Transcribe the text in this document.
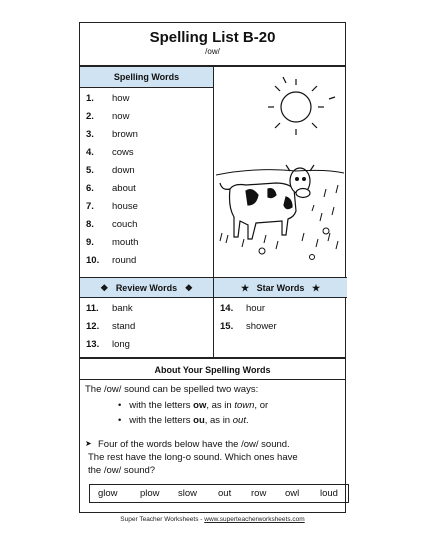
Spelling List B-20
/ow/
Spelling Words
❖ Review Words ❖	★ Star Words ★
1. how
2. now
3. brown
4. cows
5. down
6. about
7. house
8. couch
9. mouth
10. round
11. bank
12. stand
13. long
14. hour
15. shower
About Your Spelling Words
The /ow/ sound can be spelled two ways:
•   with the letters ow, as in town, or
•   with the letters ou, as in out.
➤ Four of the words below have the /ow/ sound.
The rest have the long-o sound. Which ones have
the /ow/ sound?
glow plow slow out row owl loud
Super Teacher Worksheets - www.superteacherworksheets.com
